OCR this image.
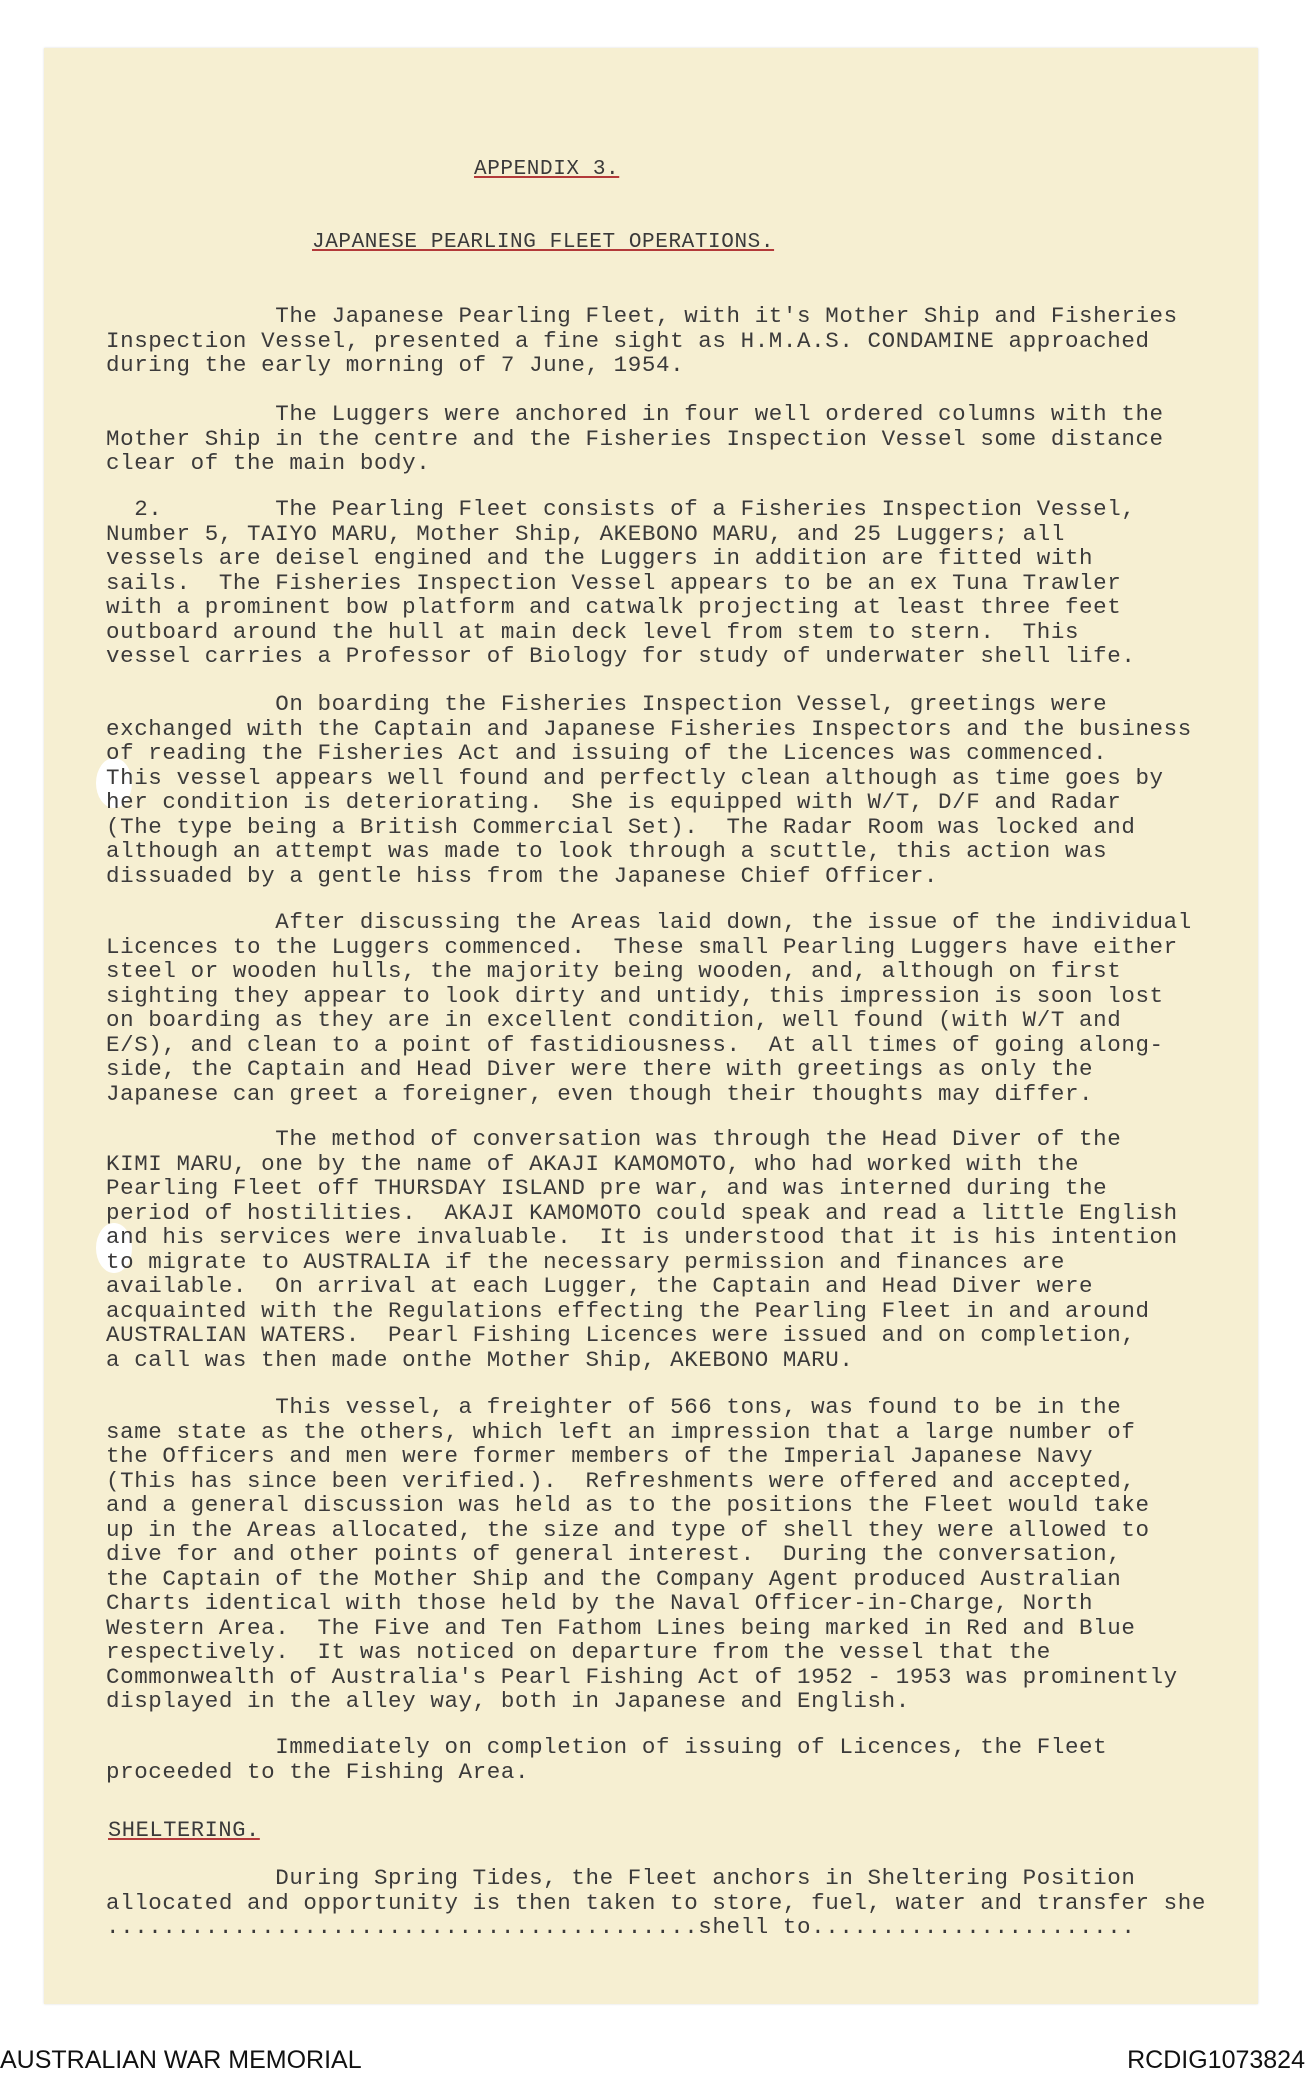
APPENDIX 3.
JAPANESE PEARLING FLEET OPERATIONS.
The Japanese Pearling Fleet, with it's Mother Ship and Fisheries
Inspection Vessel, presented a fine sight as H.M.A.S. CONDAMINE approached
during the early morning of 7 June, 1954.
The Luggers were anchored in four well ordered columns with the
Mother Ship in the centre and the Fisheries Inspection Vessel some distance
clear of the main body.
2.        The Pearling Fleet consists of a Fisheries Inspection Vessel,
Number 5, TAIYO MARU, Mother Ship, AKEBONO MARU, and 25 Luggers; all
vessels are deisel engined and the Luggers in addition are fitted with
sails.  The Fisheries Inspection Vessel appears to be an ex Tuna Trawler
with a prominent bow platform and catwalk projecting at least three feet
outboard around the hull at main deck level from stem to stern.  This
vessel carries a Professor of Biology for study of underwater shell life.
On boarding the Fisheries Inspection Vessel, greetings were
exchanged with the Captain and Japanese Fisheries Inspectors and the business
of reading the Fisheries Act and issuing of the Licences was commenced.
This vessel appears well found and perfectly clean although as time goes by
her condition is deteriorating.  She is equipped with W/T, D/F and Radar
(The type being a British Commercial Set).  The Radar Room was locked and
although an attempt was made to look through a scuttle, this action was
dissuaded by a gentle hiss from the Japanese Chief Officer.
After discussing the Areas laid down, the issue of the individual
Licences to the Luggers commenced.  These small Pearling Luggers have either
steel or wooden hulls, the majority being wooden, and, although on first
sighting they appear to look dirty and untidy, this impression is soon lost
on boarding as they are in excellent condition, well found (with W/T and
E/S), and clean to a point of fastidiousness.  At all times of going along-
side, the Captain and Head Diver were there with greetings as only the
Japanese can greet a foreigner, even though their thoughts may differ.
The method of conversation was through the Head Diver of the
KIMI MARU, one by the name of AKAJI KAMOMOTO, who had worked with the
Pearling Fleet off THURSDAY ISLAND pre war, and was interned during the
period of hostilities.  AKAJI KAMOMOTO could speak and read a little English
and his services were invaluable.  It is understood that it is his intention
to migrate to AUSTRALIA if the necessary permission and finances are
available.  On arrival at each Lugger, the Captain and Head Diver were
acquainted with the Regulations effecting the Pearling Fleet in and around
AUSTRALIAN WATERS.  Pearl Fishing Licences were issued and on completion,
a call was then made onthe Mother Ship, AKEBONO MARU.
This vessel, a freighter of 566 tons, was found to be in the
same state as the others, which left an impression that a large number of
the Officers and men were former members of the Imperial Japanese Navy
(This has since been verified.).  Refreshments were offered and accepted,
and a general discussion was held as to the positions the Fleet would take
up in the Areas allocated, the size and type of shell they were allowed to
dive for and other points of general interest.  During the conversation,
the Captain of the Mother Ship and the Company Agent produced Australian
Charts identical with those held by the Naval Officer-in-Charge, North
Western Area.  The Five and Ten Fathom Lines being marked in Red and Blue
respectively.  It was noticed on departure from the vessel that the
Commonwealth of Australia's Pearl Fishing Act of 1952 - 1953 was prominently
displayed in the alley way, both in Japanese and English.
Immediately on completion of issuing of Licences, the Fleet
proceeded to the Fishing Area.
SHELTERING.
During Spring Tides, the Fleet anchors in Sheltering Position
allocated and opportunity is then taken to store, fuel, water and transfer she
..........................................shell to.......................
AUSTRALIAN WAR MEMORIAL	RCDIG1073824
